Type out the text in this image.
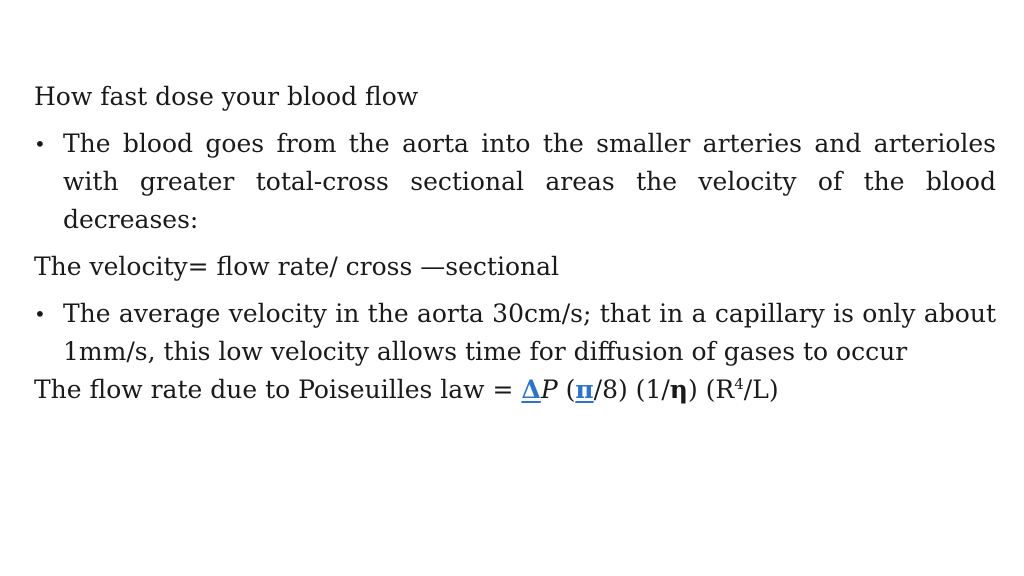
How fast dose your blood flow

• The blood goes from the aorta into the smaller arteries and arterioles with greater total-cross sectional areas the velocity of the blood decreases:

The velocity= flow rate/ cross —sectional

• The average velocity in the aorta 30cm/s; that in a capillary is only about 1mm/s, this low velocity allows time for diffusion of gases to occur

The flow rate due to Poiseuilles law = ΔP (π/8) (1/η) $(R^4/L)$
